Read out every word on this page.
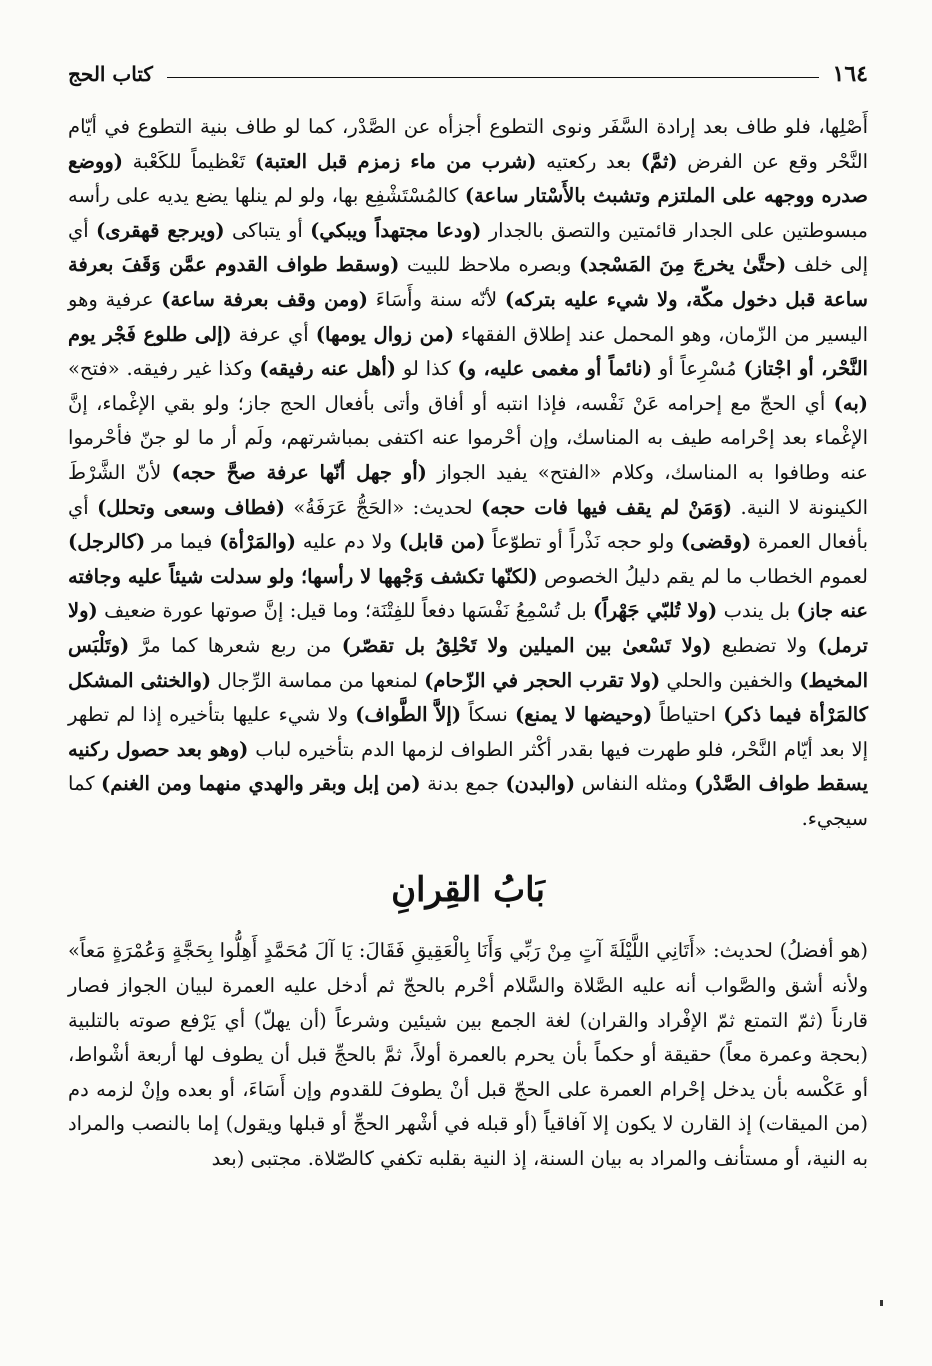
١٦٤
كتاب الحج

أَصْلِها، فلو طاف بعد إرادة السَّفَر ونوى التطوع أجزأه عن الصَّدْر، كما لو طاف بنية التطوع في أيّام النَّحْر وقع عن الفرض (ثمَّ) بعد ركعتيه (شرب من ماء زمزم قبل العتبة) تَعْظيماً للكَعْبة (ووضع صدره ووجهه على الملتزم وتشبث بالأَسْتار ساعة) كالمُسْتَشْفِع بها، ولو لم ينلها يضع يديه على رأسه مبسوطتين على الجدار قائمتين والتصق بالجدار (ودعا مجتهداً ويبكي) أو يتباكى (ويرجع قهقرى) أي إلى خلف (حتَّىٰ يخرجَ مِنَ المَسْجد) وبصره ملاحظ للبيت (وسقط طواف القدوم عمَّن وَقَفَ بعرفة ساعة قبل دخول مكّة، ولا شيء عليه بتركه) لأنّه سنة وأَسَاءَ (ومن وقف بعرفة ساعة) عرفية وهو اليسير من الزّمان، وهو المحمل عند إطلاق الفقهاء (من زوال يومها) أي عرفة (إلى طلوع فَجْر يوم النَّحْر، أو اجْتاز) مُسْرِعاً أو (نائماً أو مغمى عليه، و) كذا لو (أهل عنه رفيقه) وكذا غير رفيقه. «فتح» (به) أي الحجّ مع إحرامه عَنْ نَفْسه، فإذا انتبه أو أفاق وأتى بأفعال الحج جاز؛ ولو بقي الإغْماء، إنَّ الإغْماء بعد إحْرامه طيف به المناسك، وإن أحْرموا عنه اكتفى بمباشرتهم، ولَم أر ما لو جنّ فأحْرموا عنه وطافوا به المناسك، وكلام «الفتح» يفيد الجواز (أو جهل أنّها عرفة صحَّ حجه) لأنّ الشَّرْطَ الكينونة لا النية. (وَمَنْ لم يقف فيها فات حجه) لحديث: «الحَجُّ عَرَفَةُ» (فطاف وسعى وتحلل) أي بأفعال العمرة (وقضى) ولو حجه نَذْراً أو تطوّعاً (من قابل) ولا دم عليه (والمَرْأة) فيما مر (كالرجل) لعموم الخطاب ما لم يقم دليلُ الخصوص (لكنّها تكشف وَجْهها لا رأسها؛ ولو سدلت شيئاً عليه وجافته عنه جاز) بل يندب (ولا تُلبّي جَهْراً) بل تُسْمِعُ نَفْسَها دفعاً للفِتْنَة؛ وما قيل: إنَّ صوتها عورة ضعيف (ولا ترمل) ولا تضطبع (ولا تَسْعىٰ بين الميلين ولا تَحْلِقُ بل تقصّر) من ربع شعرها كما مرَّ (وتَلْبَس المخيط) والخفين والحلي (ولا تقرب الحجر في الزّحام) لمنعها من مماسة الرِّجال (والخنثى المشكل كالمَرْأة فيما ذكر) احتياطاً (وحيضها لا يمنع) نسكاً (إلاَّ الطَّواف) ولا شيء عليها بتأخيره إذا لم تطهر إلا بعد أيّام النَّحْر، فلو طهرت فيها بقدر أكْثر الطواف لزمها الدم بتأخيره لباب (وهو بعد حصول ركنيه يسقط طواف الصَّدْر) ومثله النفاس (والبدن) جمع بدنة (من إبل وبقر والهدي منهما ومن الغنم) كما سيجيء.

بَابُ القِرانِ

(هو أفضلُ) لحديث: «أَتَانِي اللَّيْلَةَ آتٍ مِنْ رَبِّي وَأَنَا بِالْعَقِيقِ فَقَالَ: يَا آلَ مُحَمَّدٍ أَهِلُّوا بِحَجَّةٍ وَعُمْرَةٍ مَعاً» ولأنه أشق والصَّواب أنه عليه الصَّلاة والسَّلام أحْرم بالحجّ ثم أدخل عليه العمرة لبيان الجواز فصار قارناً (ثمّ التمتع ثمّ الإفْراد والقران) لغة الجمع بين شيئين وشرعاً (أن يهلّ) أي يَرْفع صوته بالتلبية (بحجة وعمرة معاً) حقيقة أو حكماً بأن يحرم بالعمرة أولاً، ثمَّ بالحجِّ قبل أن يطوف لها أربعة أشْواط، أو عَكْسه بأن يدخل إحْرام العمرة على الحجّ قبل أنْ يطوفَ للقدوم وإن أَسَاءَ، أو بعده وإنْ لزمه دم (من الميقات) إذ القارن لا يكون إلا آفاقياً (أو قبله في أشْهر الحجِّ أو قبلها ويقول) إما بالنصب والمراد به النية، أو مستأنف والمراد به بيان السنة، إذ النية بقلبه تكفي كالصّلاة. مجتبى (بعد
